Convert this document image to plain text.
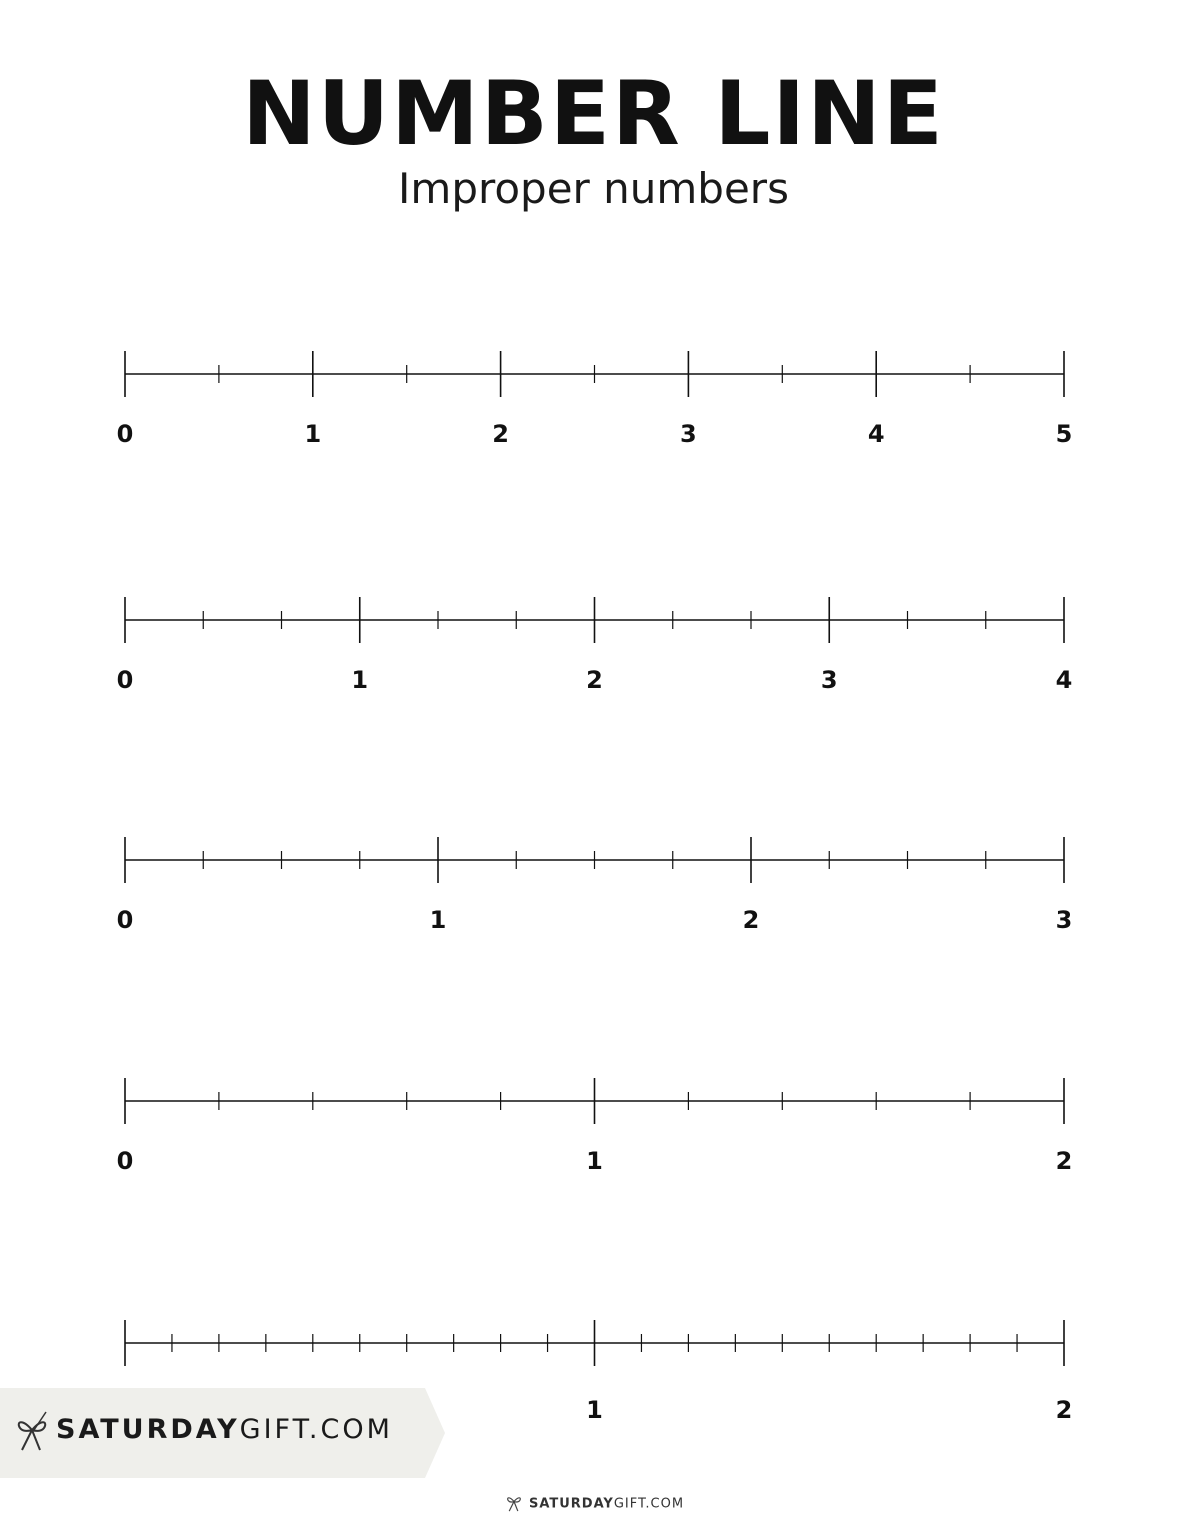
NUMBER LINE
Improper numbers
0	1	2	3	4	5
0	1	2	3	4
0	1	2	3
0	1	2
1	2
SATURDAYGIFT.COM
SATURDAYGIFT.COM
